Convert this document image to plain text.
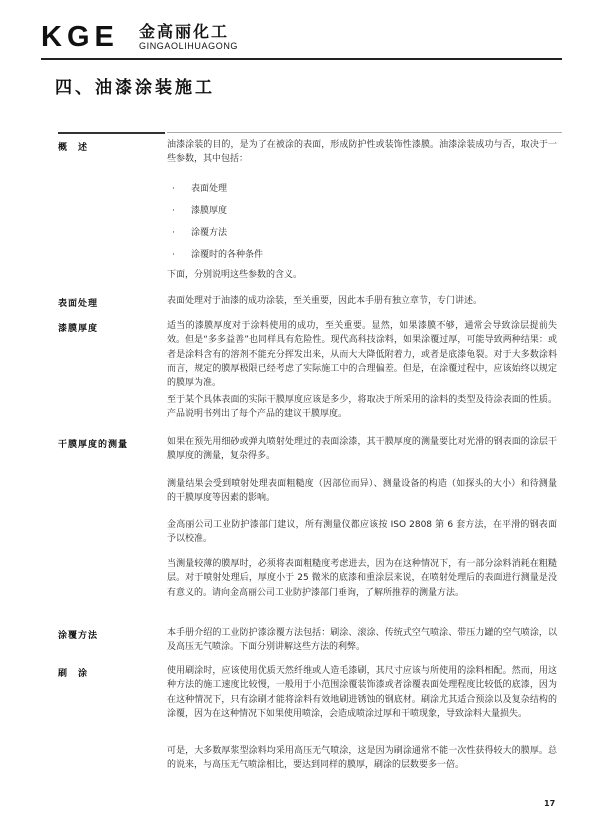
KGE 金高丽化工
GINGAOLIHUAGONG
四、油漆涂装施工
概　述	油漆涂装的目的，是为了在被涂的表面，形成防护性或装饰性漆膜。油漆涂装成功与否，取决于一些参数，其中包括：
· 表面处理
· 漆膜厚度
· 涂覆方法
· 涂覆时的各种条件
下面，分别说明这些参数的含义。
表面处理	表面处理对于油漆的成功涂装，至关重要，因此本手册有独立章节，专门讲述。
漆膜厚度	适当的漆膜厚度对于涂料使用的成功，至关重要。显然，如果漆膜不够，通常会导致涂层提前失效。但是“多多益善”也同样具有危险性。现代高科技涂料，如果涂覆过厚，可能导致两种结果：或者是涂料含有的溶剂不能充分挥发出来，从而大大降低附着力，或者是底漆龟裂。对于大多数涂料而言，规定的膜厚极限已经考虑了实际施工中的合理偏差。但是，在涂覆过程中，应该始终以规定的膜厚为准。
至于某个具体表面的实际干膜厚度应该是多少，将取决于所采用的涂料的类型及待涂表面的性质。产品说明书列出了每个产品的建议干膜厚度。
干膜厚度的测量	如果在预先用细砂或弹丸喷射处理过的表面涂漆，其干膜厚度的测量要比对光滑的钢表面的涂层干膜厚度的测量，复杂得多。
测量结果会受到喷射处理表面粗糙度（因部位而异）、测量设备的构造（如探头的大小）和待测量的干膜厚度等因素的影响。
金高丽公司工业防护漆部门建议，所有测量仪都应该按 ISO 2808 第 6 套方法，在平滑的钢表面予以校准。
当测量较薄的膜厚时，必须将表面粗糙度考虑进去，因为在这种情况下，有一部分涂料消耗在粗糙层。对于喷射处理后，厚度小于 25 微米的底漆和重涂层来说，在喷射处理后的表面进行测量是没有意义的。请向金高丽公司工业防护漆部门垂询，了解所推荐的测量方法。
涂覆方法	本手册介绍的工业防护漆涂覆方法包括：刷涂、滚涂、传统式空气喷涂、带压力罐的空气喷涂，以及高压无气喷涂。下面分别讲解这些方法的利弊。
刷　涂	使用刷涂时，应该使用优质天然纤维或人造毛漆刷，其尺寸应该与所使用的涂料相配。然而，用这种方法的施工速度比较慢，一般用于小范围涂覆装饰漆或者涂覆表面处理程度比较低的底漆，因为在这种情况下，只有涂刷才能将涂料有效地刷进锈蚀的钢底材。刷涂尤其适合预涂以及复杂结构的涂覆，因为在这种情况下如果使用喷涂，会造成喷涂过厚和干喷现象，导致涂料大量损失。
可是，大多数厚浆型涂料均采用高压无气喷涂，这是因为刷涂通常不能一次性获得较大的膜厚。总的说来，与高压无气喷涂相比，要达到同样的膜厚，刷涂的层数要多一倍。
17
